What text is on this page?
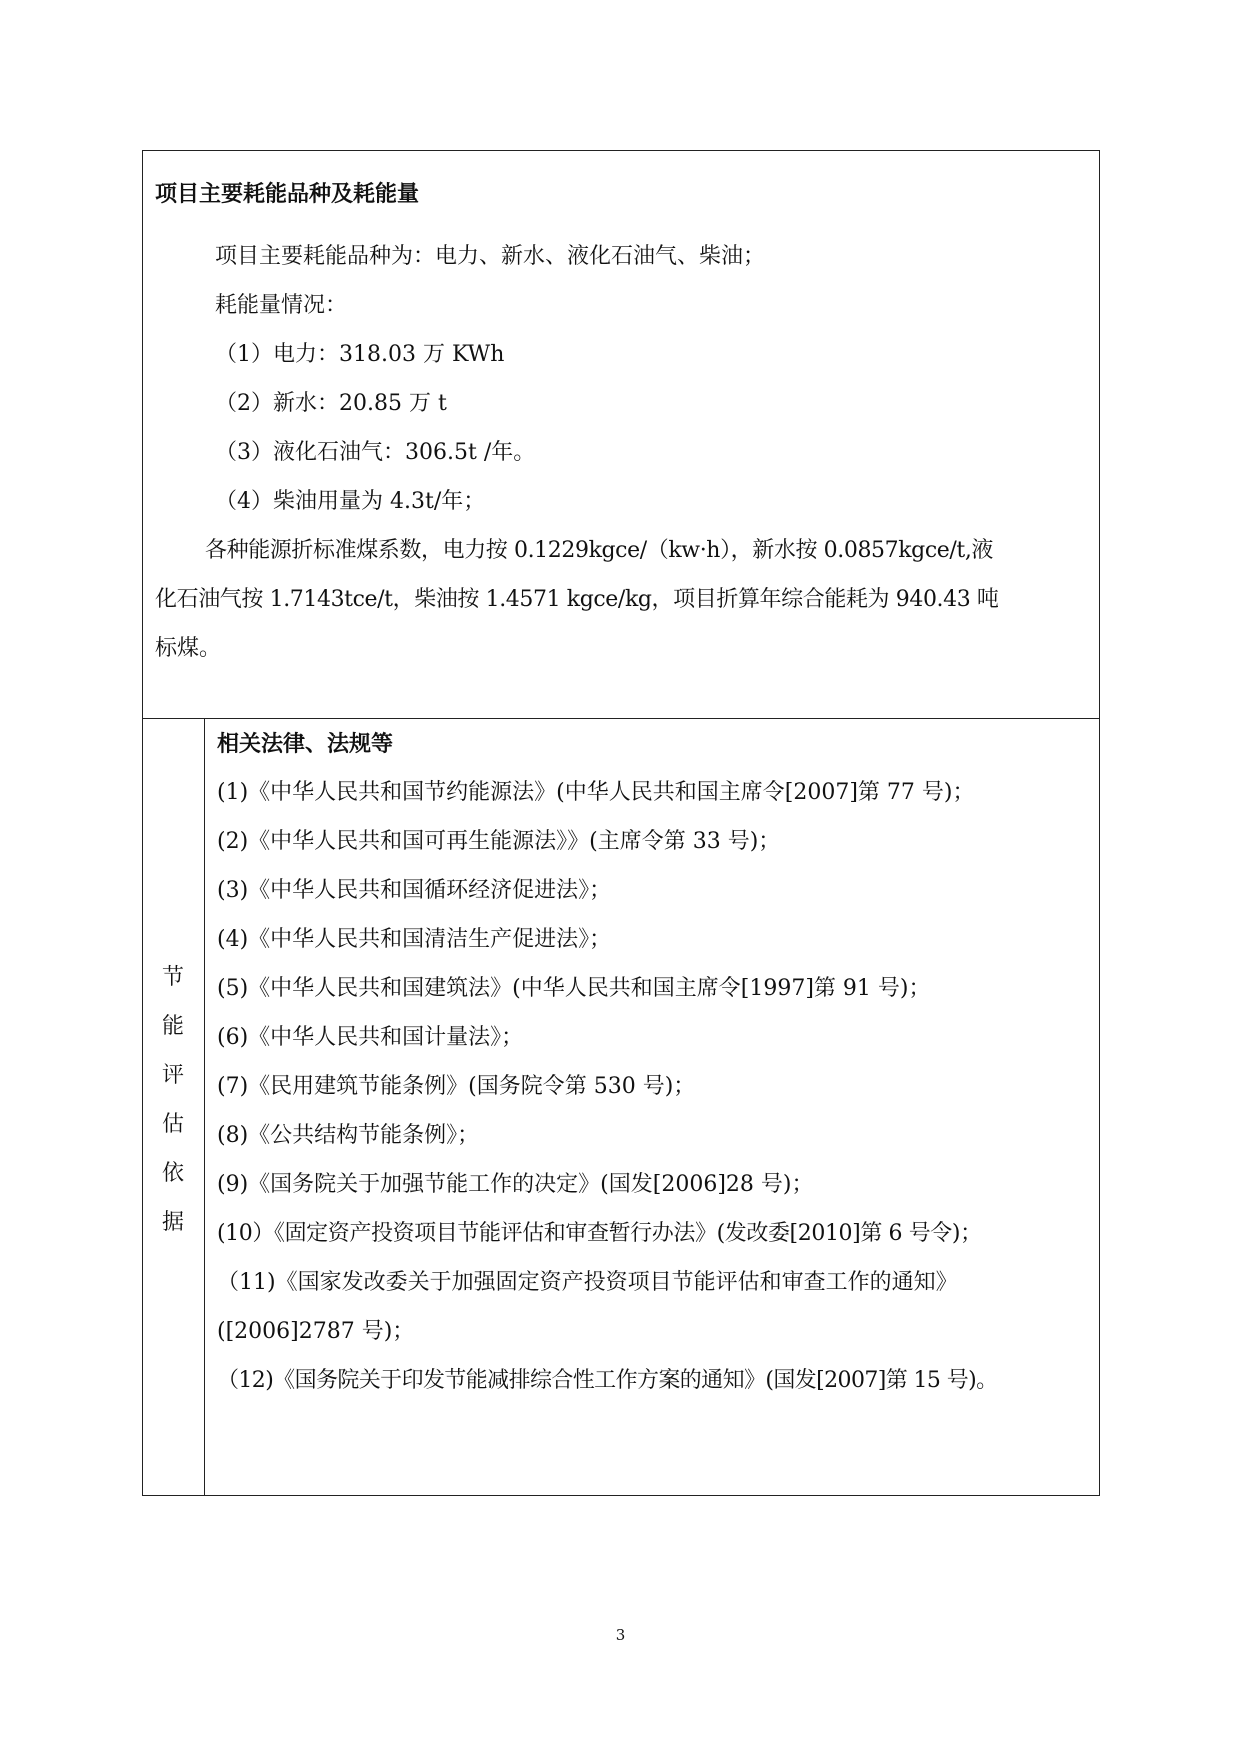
项目主要耗能品种及耗能量
项目主要耗能品种为：电力、新水、液化石油气、柴油；
耗能量情况：
（1）电力：318.03 万 KWh
（2）新水：20.85 万 t
（3）液化石油气：306.5t /年。
（4）柴油用量为 4.3t/年；
各种能源折标准煤系数，电力按 0.1229kgce/（kw·h），新水按 0.0857kgce/t,液
化石油气按 1.7143tce/t，柴油按 1.4571 kgce/kg，项目折算年综合能耗为 940.43 吨
标煤。
节
能
评
估
依
据
相关法律、法规等
(1)《中华人民共和国节约能源法》(中华人民共和国主席令[2007]第 77 号)；
(2)《中华人民共和国可再生能源法》》(主席令第 33 号)；
(3)《中华人民共和国循环经济促进法》；
(4)《中华人民共和国清洁生产促进法》；
(5)《中华人民共和国建筑法》(中华人民共和国主席令[1997]第 91 号)；
(6)《中华人民共和国计量法》；
(7)《民用建筑节能条例》(国务院令第 530 号)；
(8)《公共结构节能条例》；
(9)《国务院关于加强节能工作的决定》(国发[2006]28 号)；
(10）《固定资产投资项目节能评估和审查暂行办法》(发改委[2010]第 6 号令)；
（11)《国家发改委关于加强固定资产投资项目节能评估和审查工作的通知》
([2006]2787 号)；
（12)《国务院关于印发节能减排综合性工作方案的通知》(国发[2007]第 15 号)。
3
